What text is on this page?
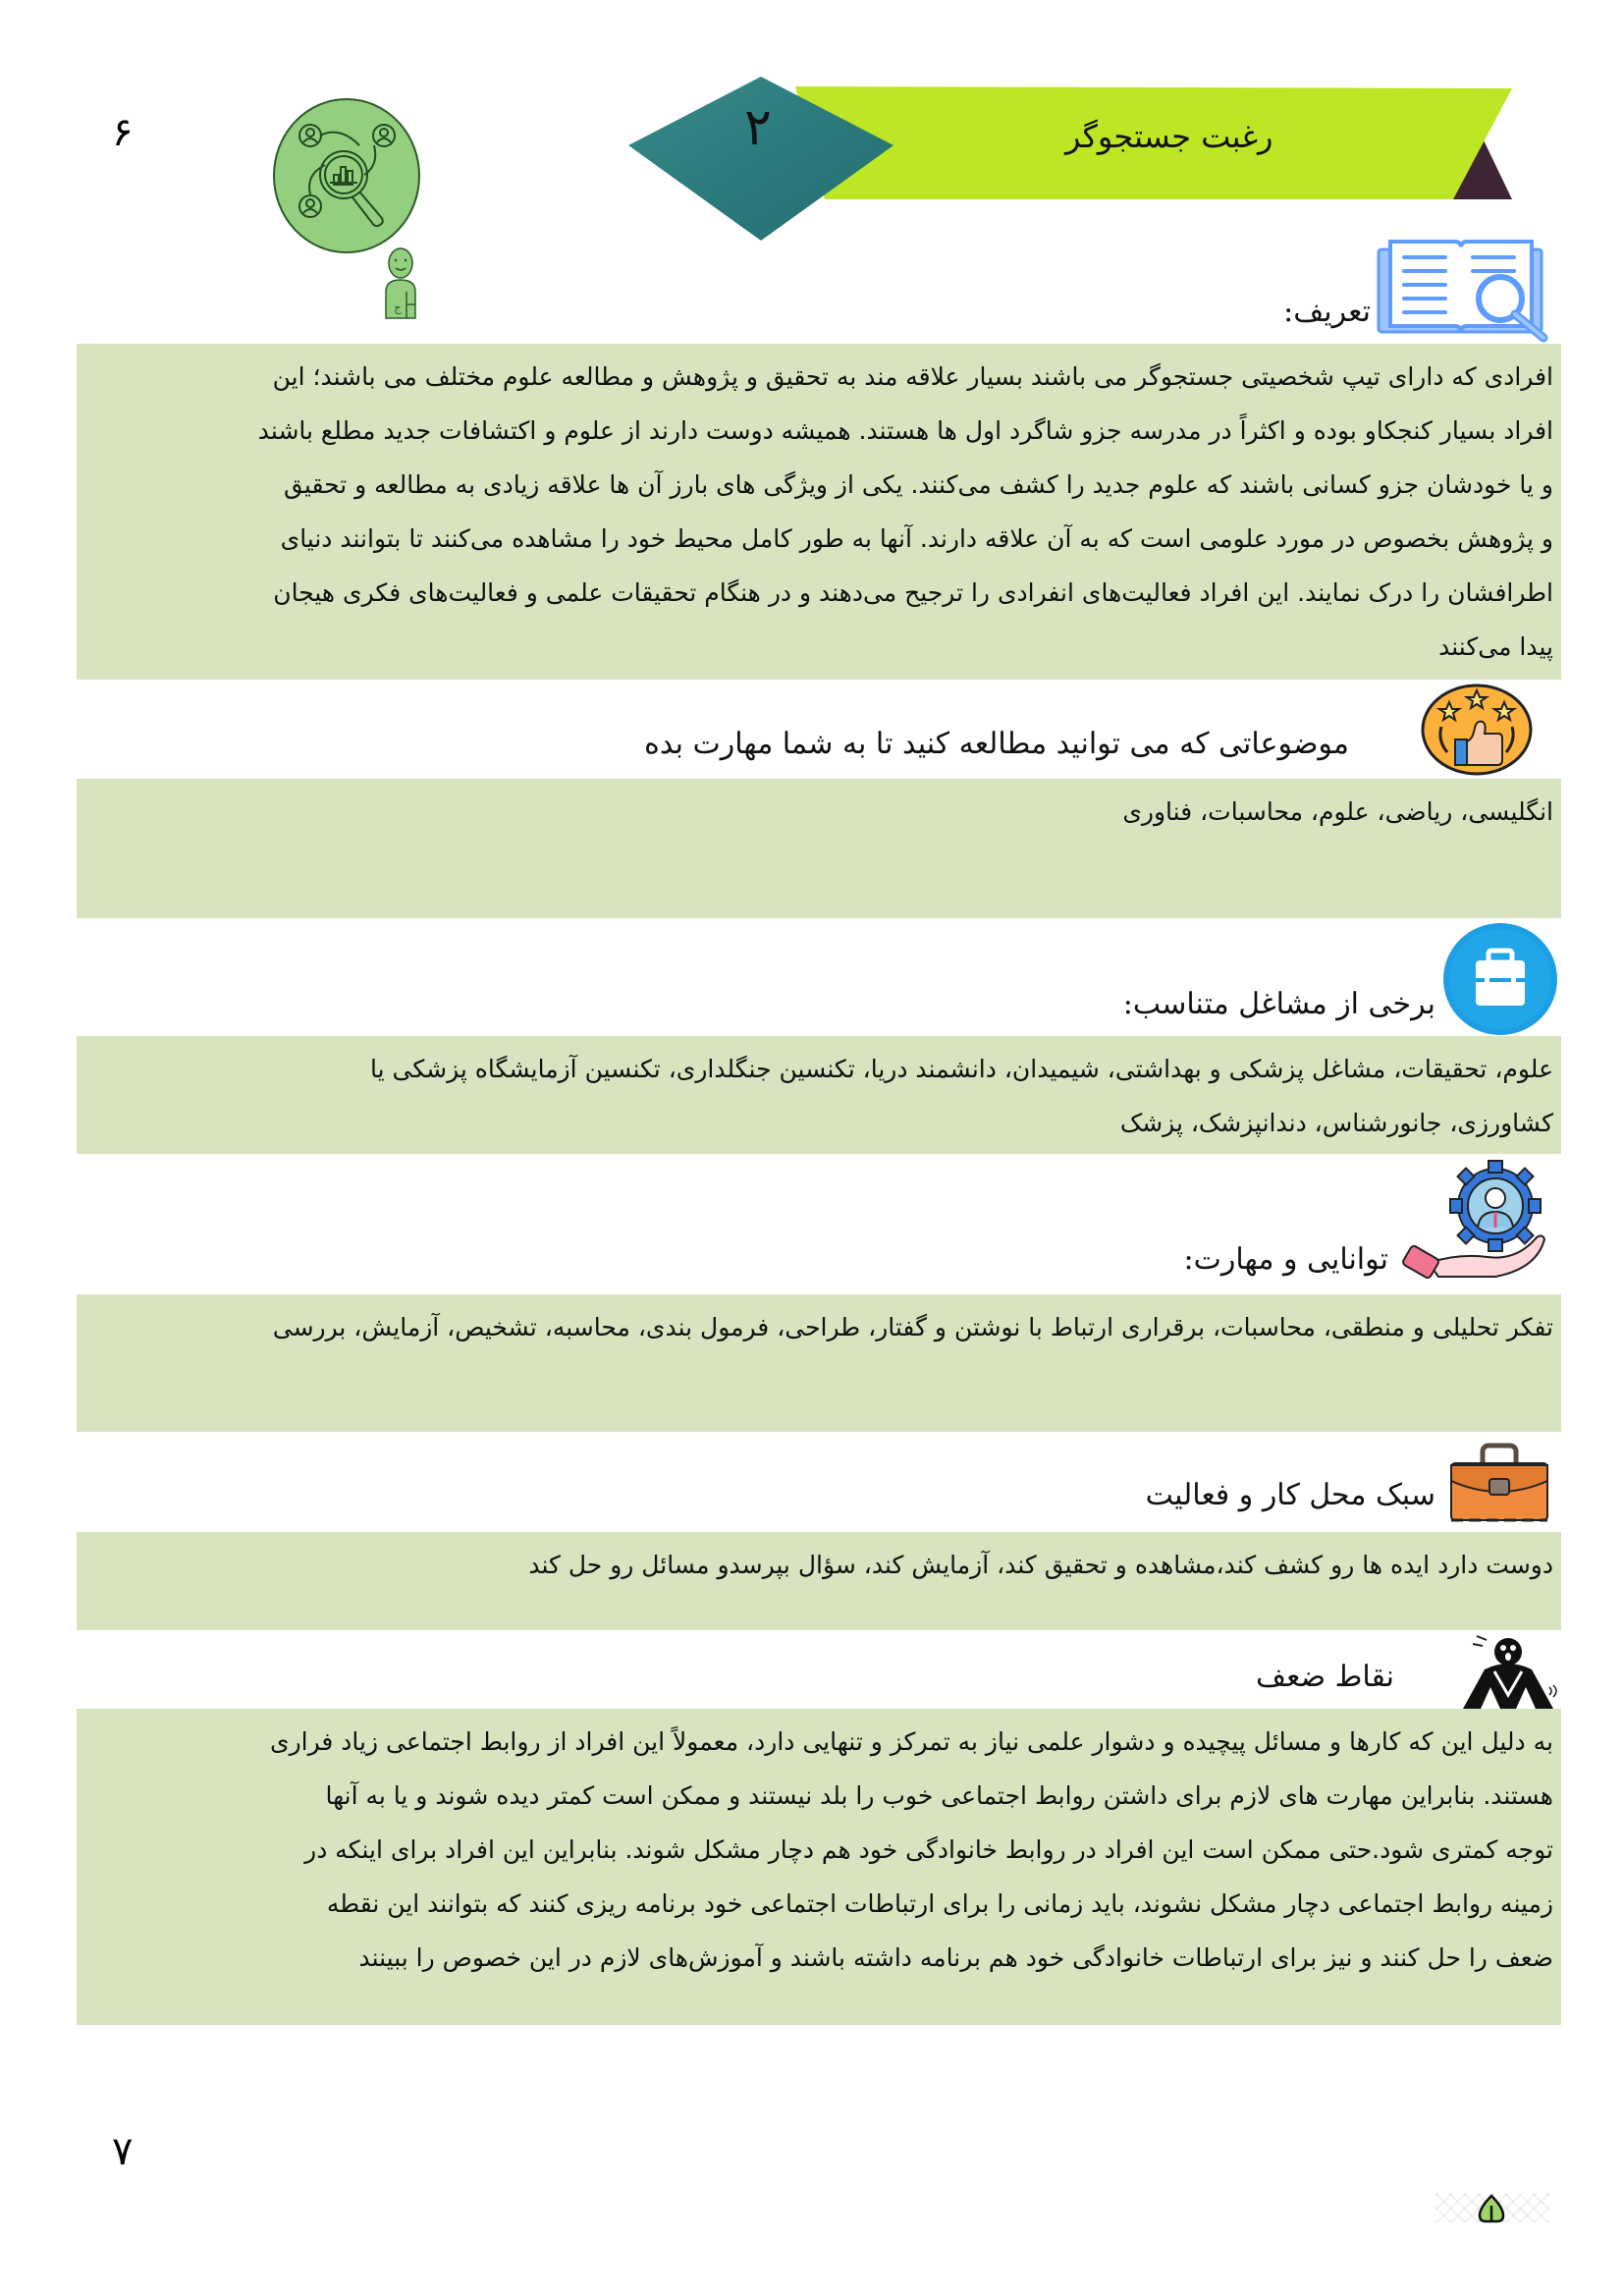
۶
۷
ج
۲	رغبت جستجوگر
تعریف:

افرادی که دارای تیپ شخصیتی جستجوگر می باشند بسیار علاقه مند به تحقیق و پژوهش و مطالعه علوم مختلف می باشند؛ این

افراد بسیار کنجکاو بوده و اکثراً در مدرسه جزو شاگرد اول ها هستند. همیشه دوست دارند از علوم و اکتشافات جدید مطلع باشند

و یا خودشان جزو کسانی باشند که علوم جدید را کشف می‌کنند. یکی از ویژگی های بارز آن ها علاقه زیادی به مطالعه و تحقیق

و پژوهش بخصوص در مورد علومی است که به آن علاقه دارند. آنها به طور کامل محیط خود را مشاهده می‌کنند تا بتوانند دنیای

اطرافشان را درک نمایند. این افراد فعالیت‌های انفرادی را ترجیح می‌دهند و در هنگام تحقیقات علمی و فعالیت‌های فکری هیجان

پیدا می‌کنند

موضوعاتی که می توانید مطالعه کنید تا به شما مهارت بده

انگلیسی، ریاضی، علوم، محاسبات، فناوری

برخی از مشاغل متناسب:

علوم، تحقیقات، مشاغل پزشکی و بهداشتی، شیمیدان، دانشمند دریا، تکنسین جنگلداری، تکنسین آزمایشگاه پزشکی یا

کشاورزی، جانورشناس، دندانپزشک، پزشک

توانایی و مهارت:

تفکر تحلیلی و منطقی، محاسبات، برقراری ارتباط با نوشتن و گفتار، طراحی، فرمول بندی، محاسبه، تشخیص، آزمایش، بررسی

سبک محل کار و فعالیت

دوست دارد ایده ها رو کشف کند،مشاهده و تحقیق کند، آزمایش کند، سؤال بپرسدو مسائل رو حل کند

نقاط ضعف

به دلیل این که کارها و مسائل پیچیده و دشوار علمی نیاز به تمرکز و تنهایی دارد، معمولاً این افراد از روابط اجتماعی زیاد فراری

هستند. بنابراین مهارت های لازم برای داشتن روابط اجتماعی خوب را بلد نیستند و ممکن است کمتر دیده شوند و یا به آنها

توجه کمتری شود.حتی ممکن است این افراد در روابط خانوادگی خود هم دچار مشکل شوند. بنابراین این افراد برای اینکه در

زمینه روابط اجتماعی دچار مشکل نشوند، باید زمانی را برای ارتباطات اجتماعی خود برنامه ریزی کنند که بتوانند این نقطه

ضعف را حل کنند و نیز برای ارتباطات خانوادگی خود هم برنامه داشته باشند و آموزش‌های لازم در این خصوص را ببینند
